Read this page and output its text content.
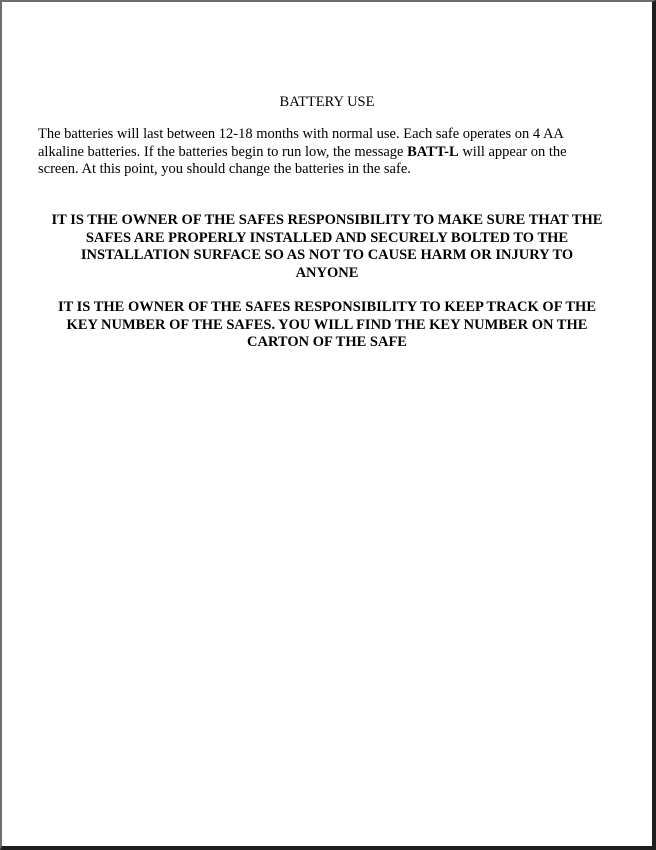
BATTERY USE
The batteries will last between 12-18 months with normal use. Each safe operates on 4 AA
alkaline batteries. If the batteries begin to run low, the message BATT-L will appear on the
screen. At this point, you should change the batteries in the safe.
IT IS THE OWNER OF THE SAFES RESPONSIBILITY TO MAKE SURE THAT THE
SAFES ARE PROPERLY INSTALLED AND SECURELY BOLTED TO THE
INSTALLATION SURFACE SO AS NOT TO CAUSE HARM OR INJURY TO
ANYONE
IT IS THE OWNER OF THE SAFES RESPONSIBILITY TO KEEP TRACK OF THE
KEY NUMBER OF THE SAFES. YOU WILL FIND THE KEY NUMBER ON THE
CARTON OF THE SAFE
